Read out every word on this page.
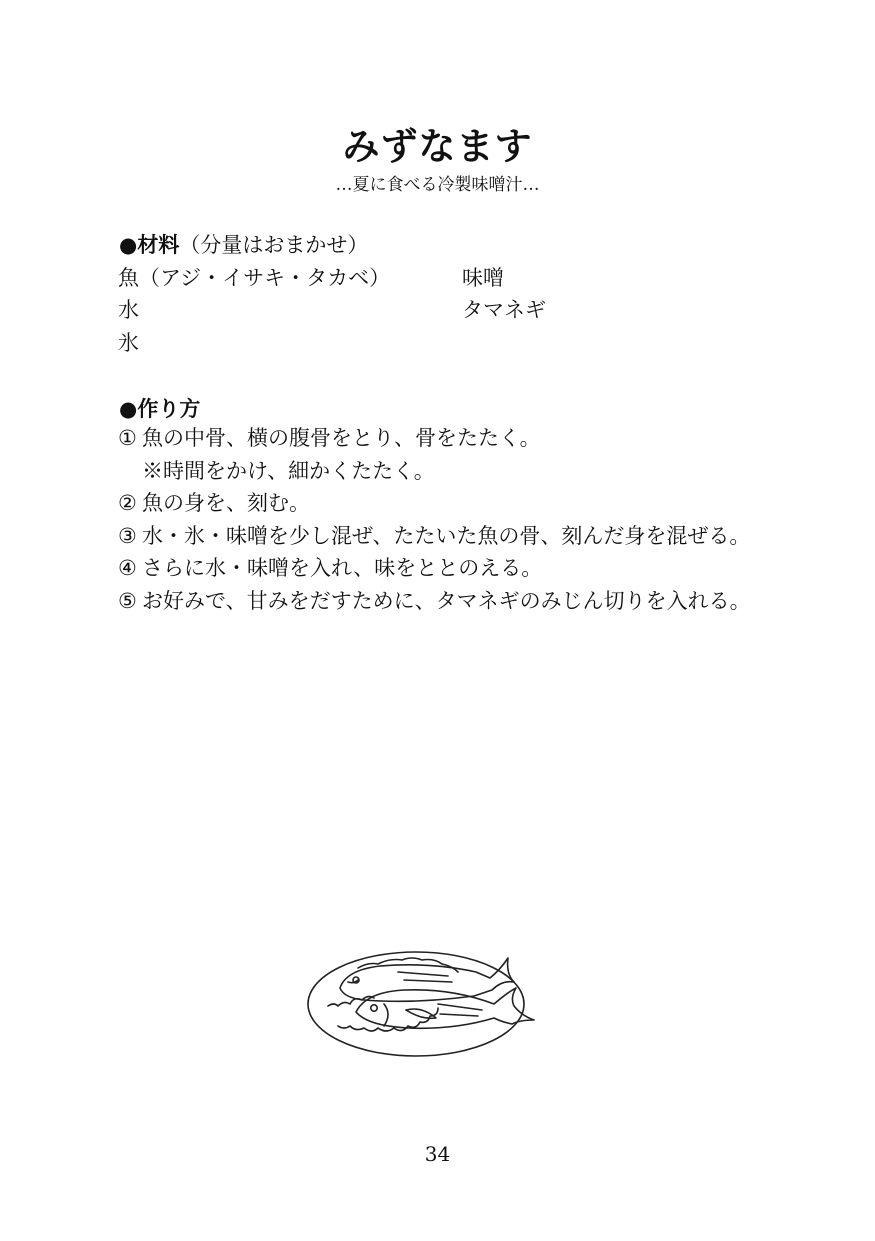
みずなます
…夏に食べる冷製味噌汁…
●材料（分量はおまかせ）
魚（アジ・イサキ・タカベ）
水
氷
味噌
タマネギ
●作り方
① 魚の中骨、横の腹骨をとり、骨をたたく。
※時間をかけ、細かくたたく。
② 魚の身を、刻む。
③ 水・氷・味噌を少し混ぜ、たたいた魚の骨、刻んだ身を混ぜる。
④ さらに水・味噌を入れ、味をととのえる。
⑤ お好みで、甘みをだすために、タマネギのみじん切りを入れる。
34
